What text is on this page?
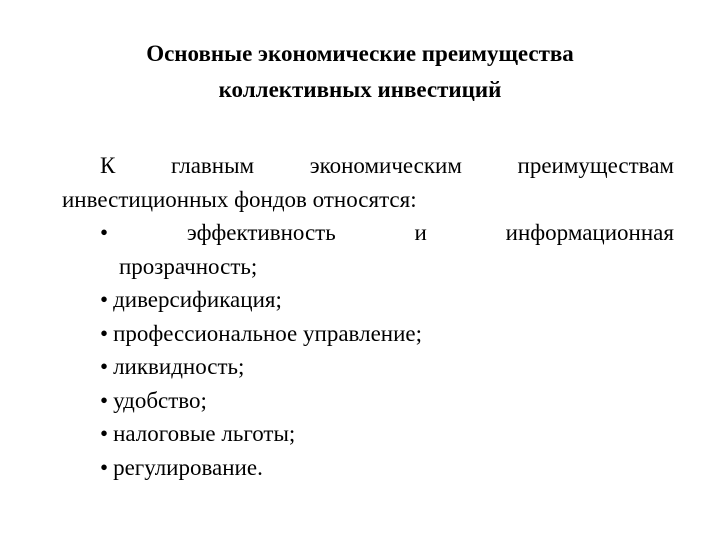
Основные экономические преимущества
коллективных инвестиций
К главным экономическим преимуществам
инвестиционных фондов относятся:
•	эффективность	и	информационная
прозрачность;
• диверсификация;
• профессиональное управление;
• ликвидность;
• удобство;
• налоговые льготы;
• регулирование.
